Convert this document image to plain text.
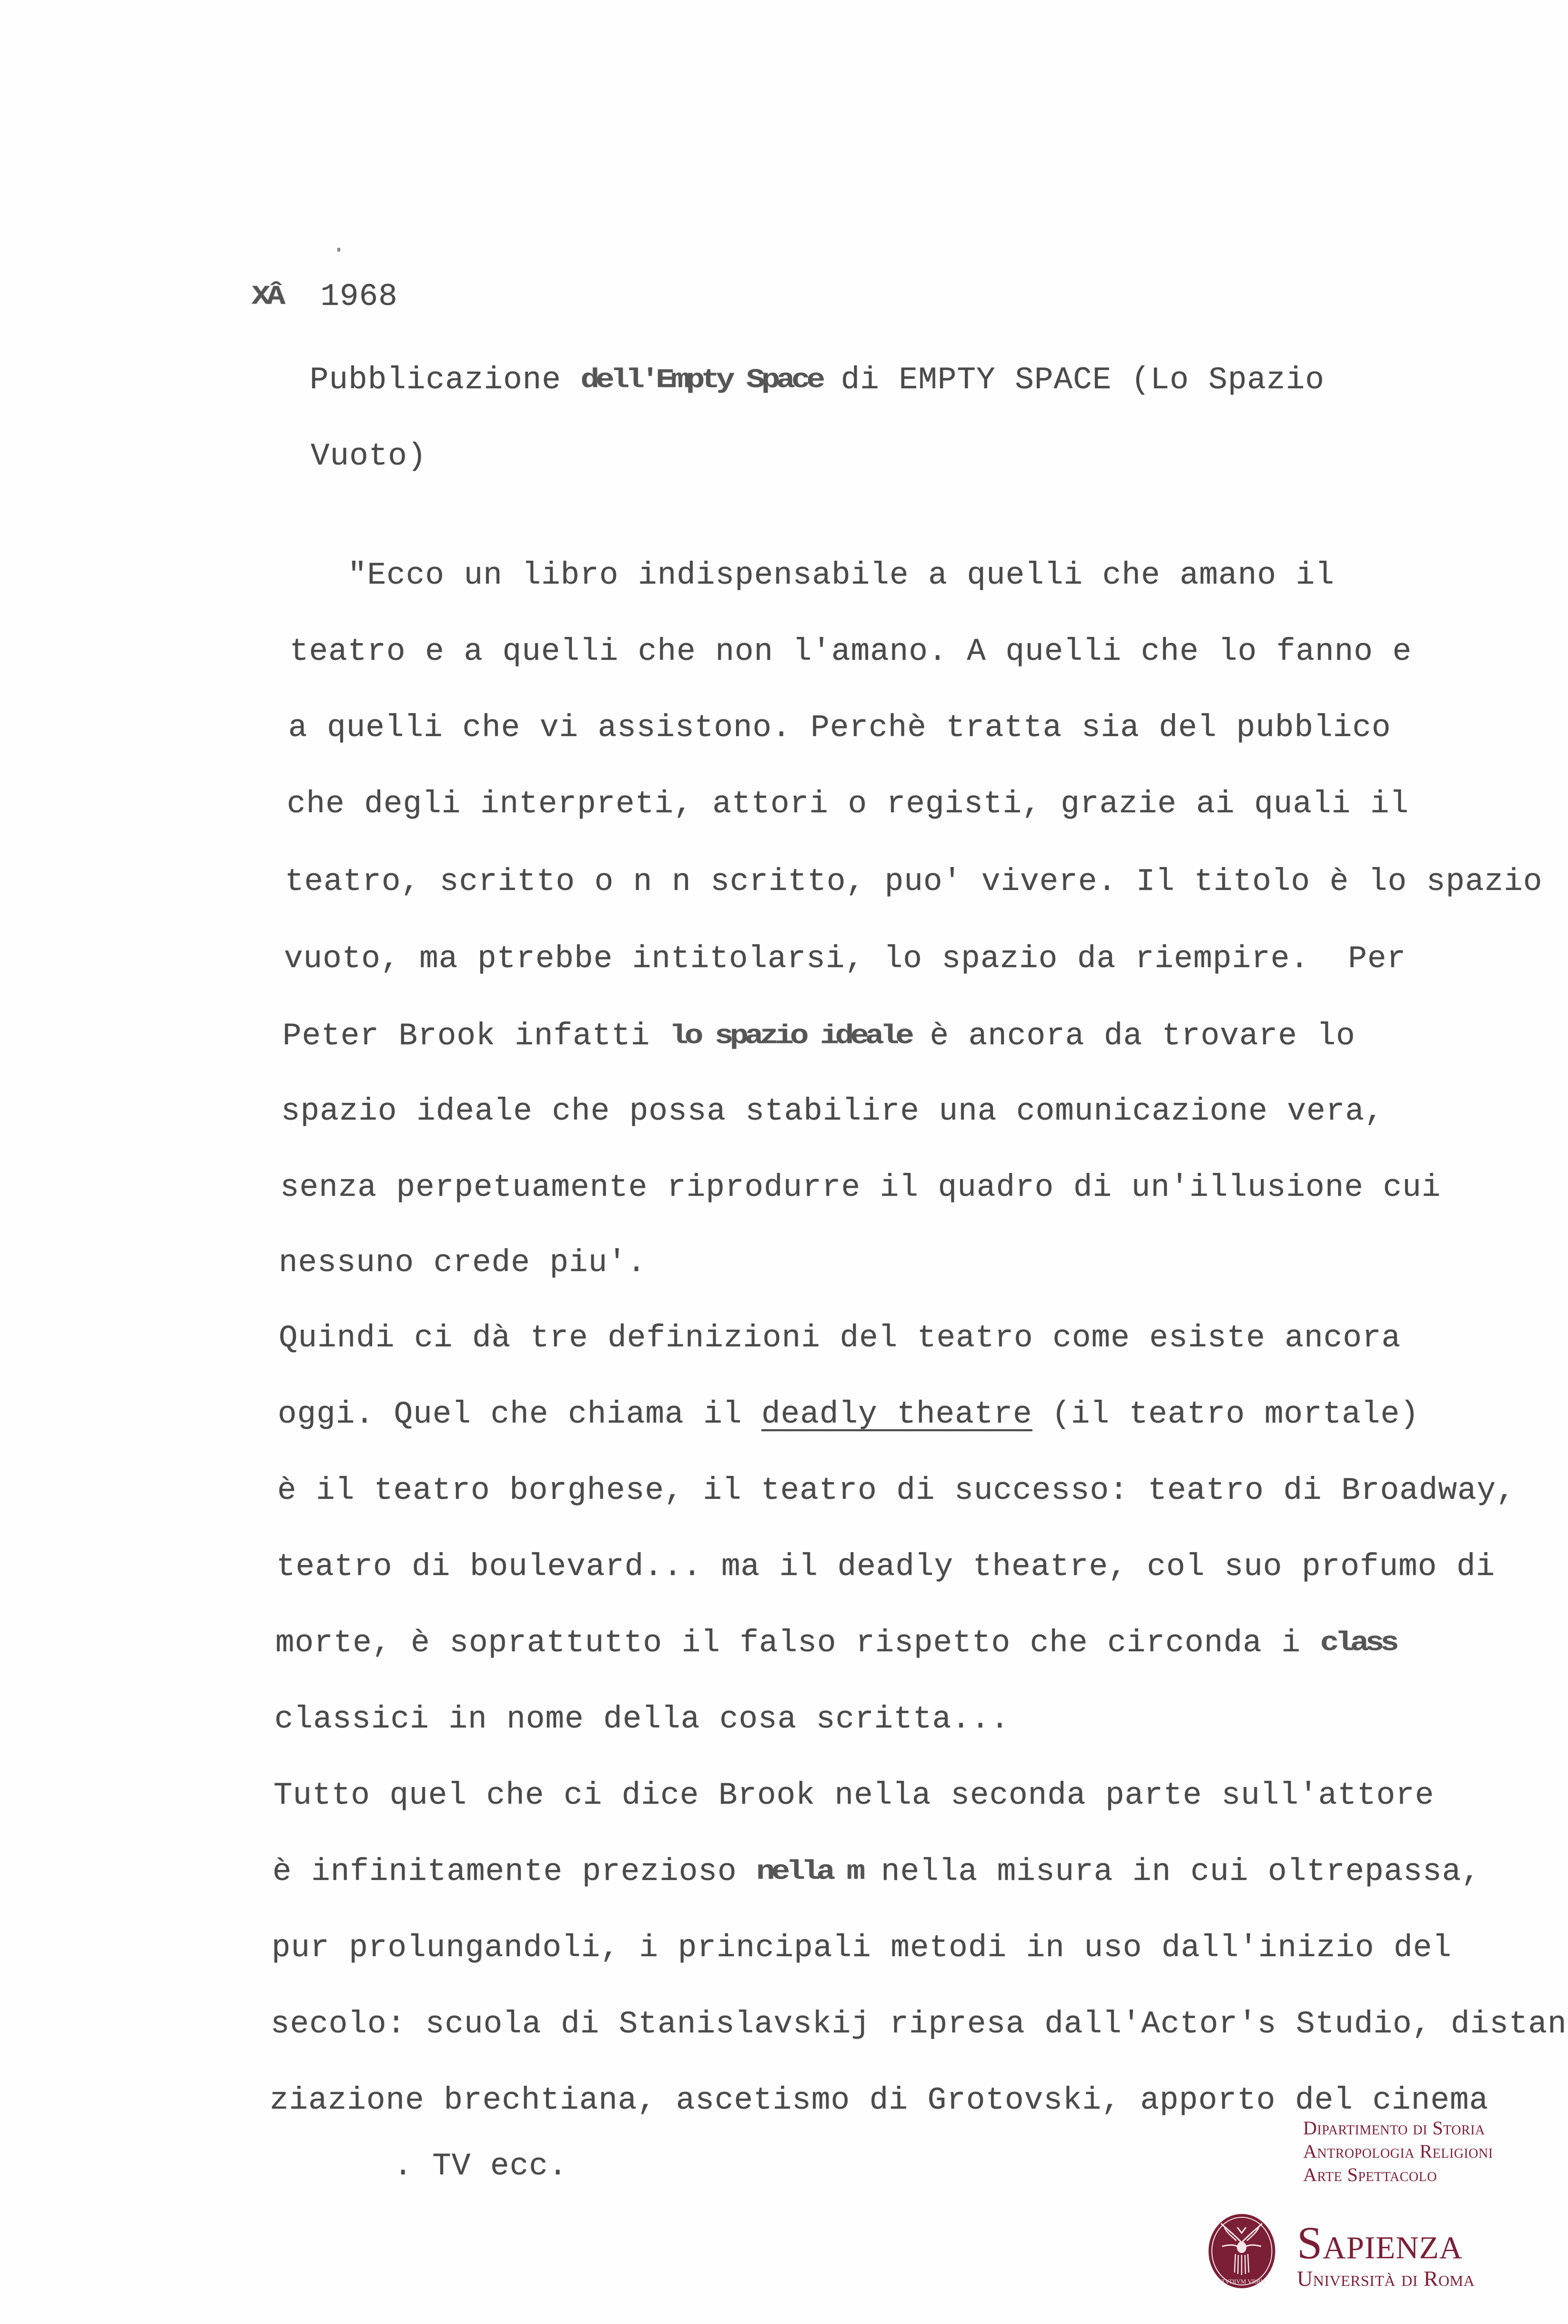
XÂ 1968
Pubblicazione dell'Empty Space di EMPTY SPACE (Lo Spazio
Vuoto)
"Ecco un libro indispensabile a quelli che amano il
teatro e a quelli che non l'amano. A quelli che lo fanno e
a quelli che vi assistono. Perchè tratta sia del pubblico
che degli interpreti, attori o registi, grazie ai quali il
teatro, scritto o n n scritto, puo' vivere. Il titolo è lo spazio
vuoto, ma ptrebbe intitolarsi, lo spazio da riempire.  Per
Peter Brook infatti lo spazio ideale è ancora da trovare lo
spazio ideale che possa stabilire una comunicazione vera,
senza perpetuamente riprodurre il quadro di un'illusione cui
nessuno crede piu'.
Quindi ci dà tre definizioni del teatro come esiste ancora
oggi. Quel che chiama il deadly theatre (il teatro mortale)
è il teatro borghese, il teatro di successo: teatro di Broadway,
teatro di boulevard... ma il deadly theatre, col suo profumo di
morte, è soprattutto il falso rispetto che circonda i class
classici in nome della cosa scritta...
Tutto quel che ci dice Brook nella seconda parte sull'attore
è infinitamente prezioso nella m nella misura in cui oltrepassa,
pur prolungandoli, i principali metodi in uso dall'inizio del
secolo: scuola di Stanislavskij ripresa dall'Actor's Studio, distan
ziazione brechtiana, ascetismo di Grotovski, apporto del cinema
. TV ecc.
Dipartimento di Storia
Antropologia Religioni
Arte Spettacolo
STVDIVM VRBIS
Sapienza
Università di Roma
